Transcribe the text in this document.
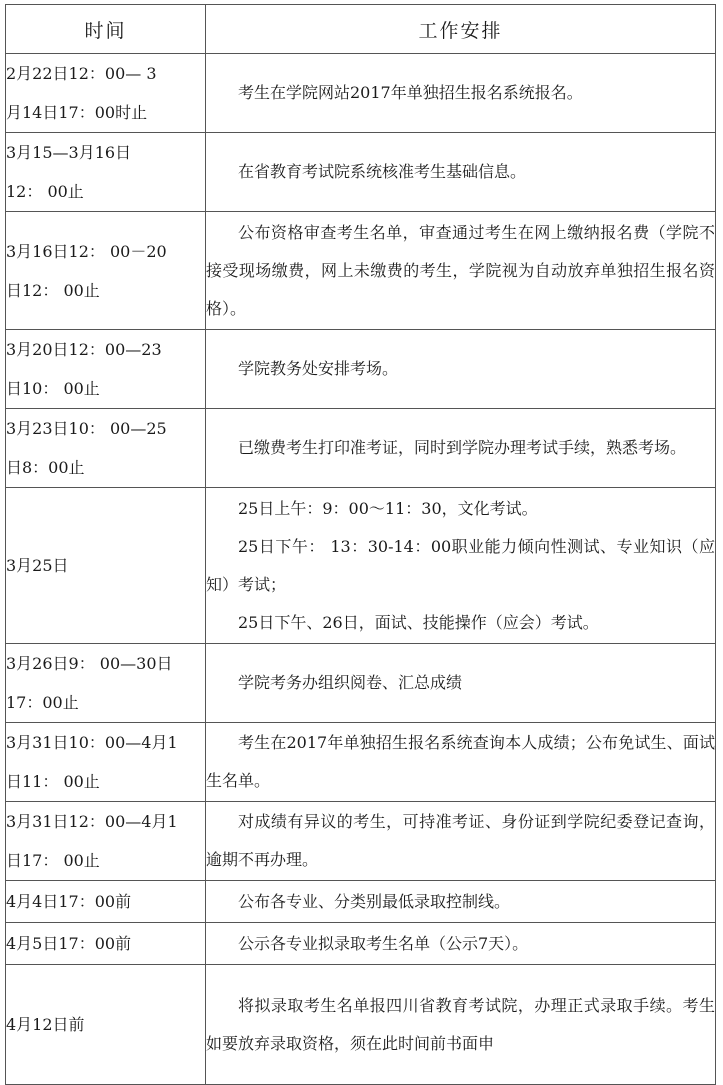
时间	工作安排

2月22日12：00— 3
月14日17：00时止	考生在学院网站2017年单独招生报名系统报名。

3月15—3月16日
12： 00止	在省教育考试院系统核准考生基础信息。

3月16日12： 00－20
日12： 00止	公布资格审查考生名单，审查通过考生在网上缴纳报名费（学院不接受现场缴费，网上未缴费的考生，学院视为自动放弃单独招生报名资格）。

3月20日12：00—23
日10： 00止	学院教务处安排考场。

3月23日10： 00—25
日8：00止	已缴费考生打印准考证，同时到学院办理考试手续，熟悉考场。

3月25日	25日上午：9：00～11：30，文化考试。

25日下午： 13：30-14：00职业能力倾向性测试、专业知识（应知）考试；

25日下午、26日，面试、技能操作（应会）考试。

3月26日9： 00—30日
17：00止	学院考务办组织阅卷、汇总成绩

3月31日10：00—4月1
日11： 00止	考生在2017年单独招生报名系统查询本人成绩；公布免试生、面试生名单。

3月31日12：00—4月1
日17： 00止	对成绩有异议的考生，可持准考证、身份证到学院纪委登记查询，逾期不再办理。

4月4日17：00前	公布各专业、分类别最低录取控制线。

4月5日17：00前	公示各专业拟录取考生名单（公示7天）。

4月12日前	将拟录取考生名单报四川省教育考试院，办理正式录取手续。考生如要放弃录取资格，须在此时间前书面申
